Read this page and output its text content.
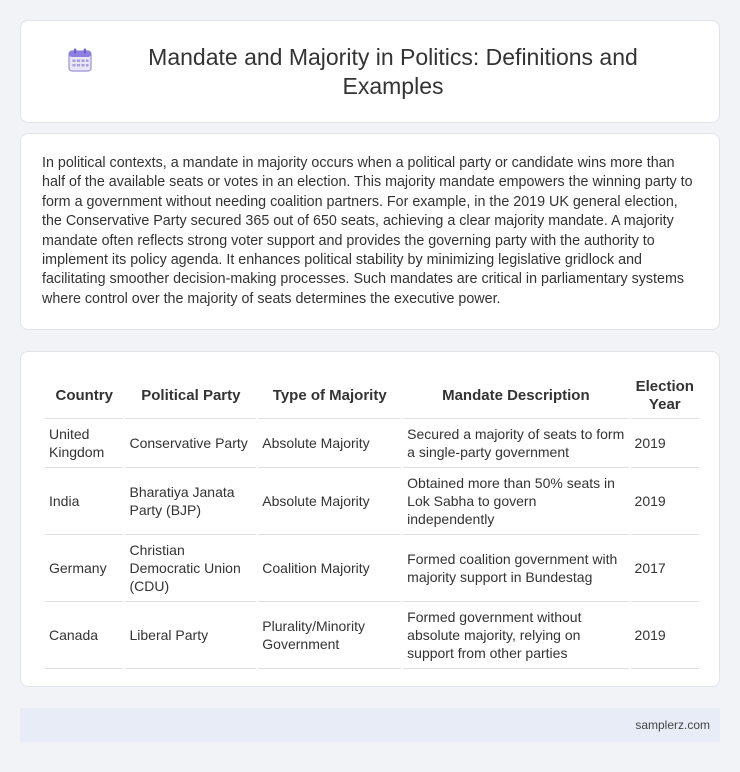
Mandate and Majority in Politics: Definitions and Examples

In political contexts, a mandate in majority occurs when a political party or candidate wins more than half of the available seats or votes in an election. This majority mandate empowers the winning party to form a government without needing coalition partners. For example, in the 2019 UK general election, the Conservative Party secured 365 out of 650 seats, achieving a clear majority mandate. A majority mandate often reflects strong voter support and provides the governing party with the authority to implement its policy agenda. It enhances political stability by minimizing legislative gridlock and facilitating smoother decision-making processes. Such mandates are critical in parliamentary systems where control over the majority of seats determines the executive power.

Country	Political Party	Type of Majority	Mandate Description	Election Year
United Kingdom	Conservative Party	Absolute Majority	Secured a majority of seats to form a single-party government	2019
India	Bharatiya Janata Party (BJP)	Absolute Majority	Obtained more than 50% seats in Lok Sabha to govern independently	2019
Germany	Christian Democratic Union (CDU)	Coalition Majority	Formed coalition government with majority support in Bundestag	2017
Canada	Liberal Party	Plurality/Minority Government	Formed government without absolute majority, relying on support from other parties	2019
samplerz.com
